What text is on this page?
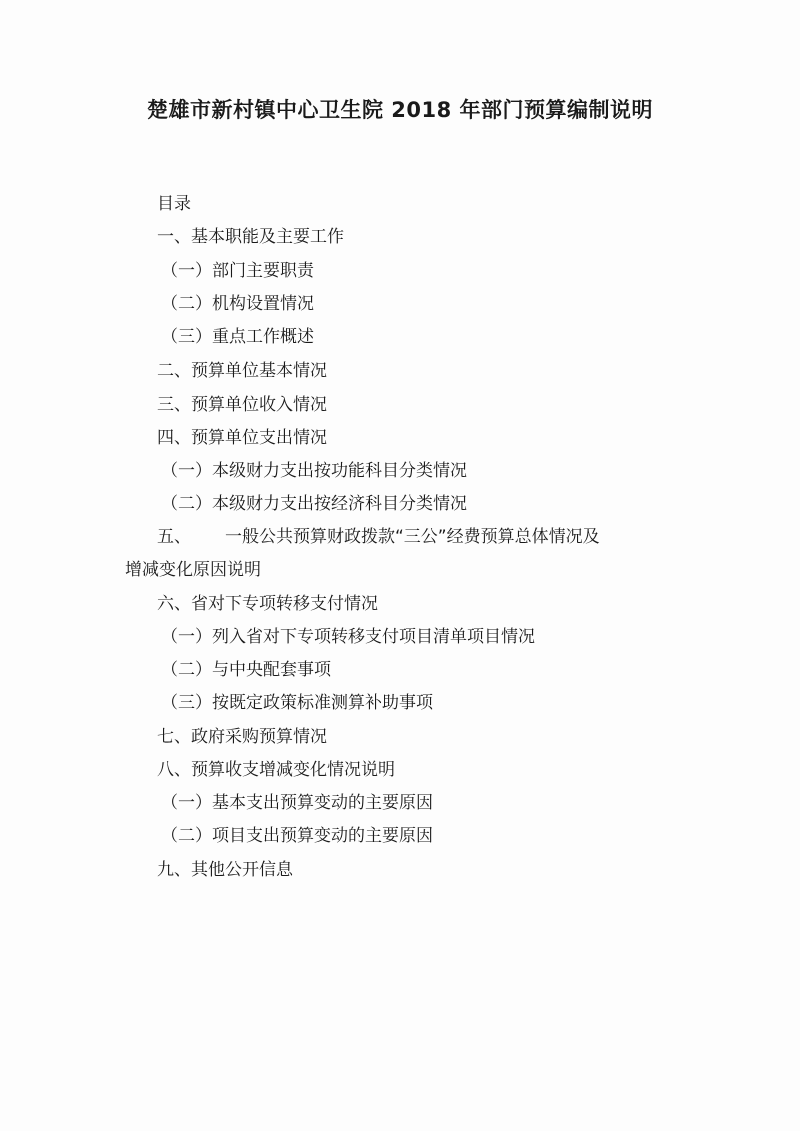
楚雄市新村镇中心卫生院 2018 年部门预算编制说明
目录
一、基本职能及主要工作
（一）部门主要职责
（二）机构设置情况
（三）重点工作概述
二、预算单位基本情况
三、预算单位收入情况
四、预算单位支出情况
（一）本级财力支出按功能科目分类情况
（二）本级财力支出按经济科目分类情况
五、 一般公共预算财政拨款“三公”经费预算总体情况及
增减变化原因说明
六、省对下专项转移支付情况
（一）列入省对下专项转移支付项目清单项目情况
（二）与中央配套事项
（三）按既定政策标准测算补助事项
七、政府采购预算情况
八、预算收支增减变化情况说明
（一）基本支出预算变动的主要原因
（二）项目支出预算变动的主要原因
九、其他公开信息
